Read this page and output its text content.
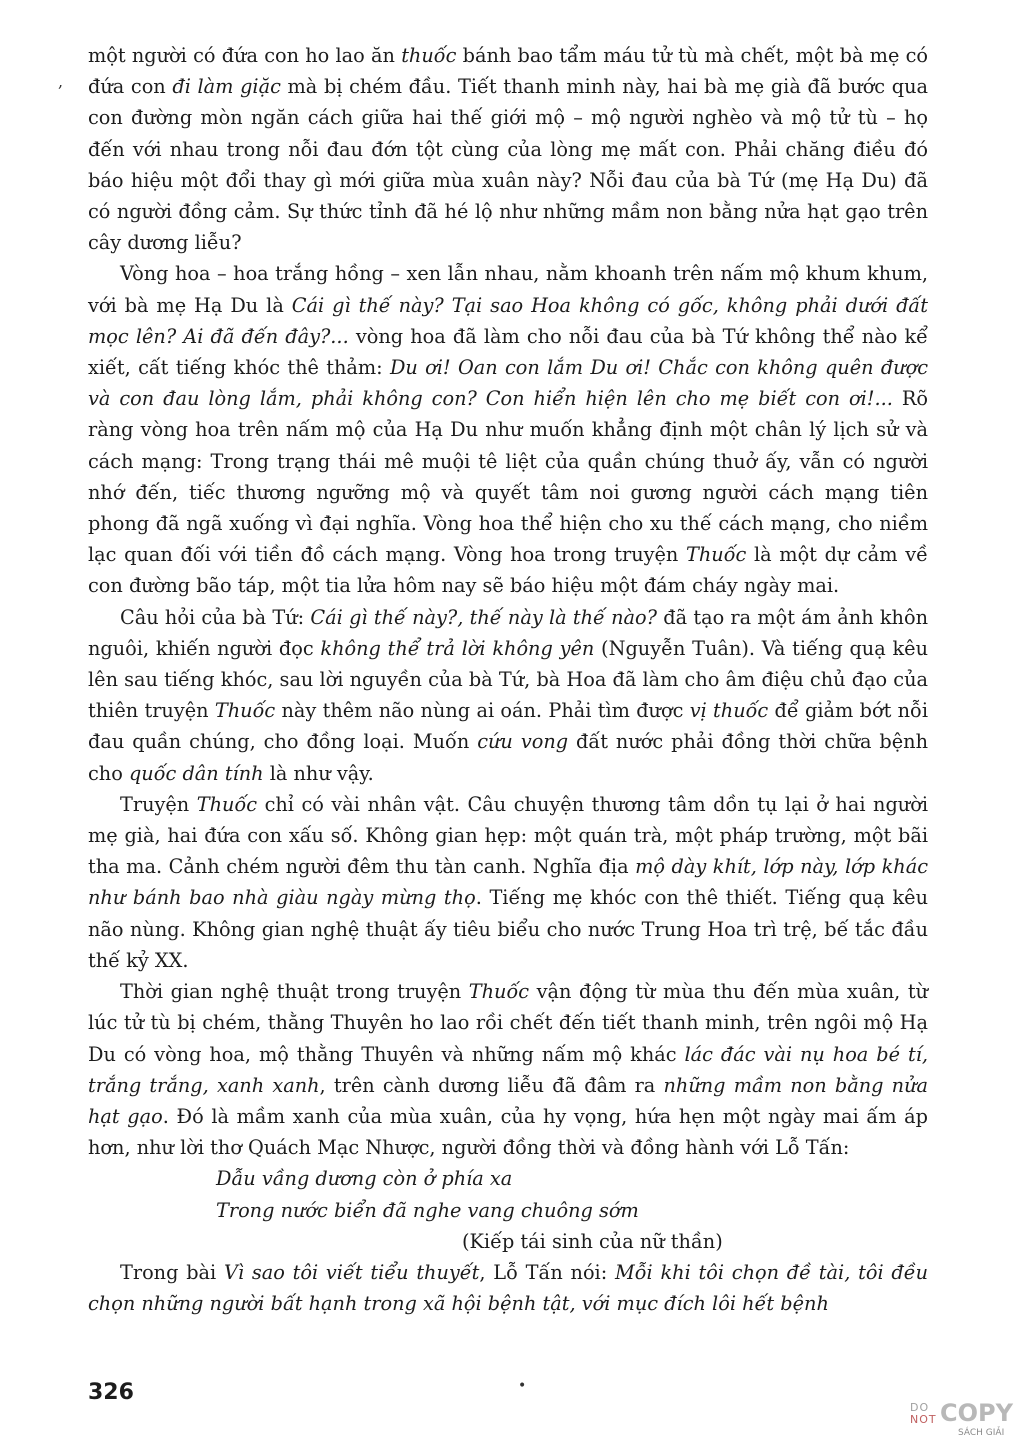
,

một người có đứa con ho lao ăn thuốc bánh bao tẩm máu tử tù mà chết, một bà mẹ có đứa con đi làm giặc mà bị chém đầu. Tiết thanh minh này, hai bà mẹ già đã bước qua con đường mòn ngăn cách giữa hai thế giới mộ – mộ người nghèo và mộ tử tù – họ đến với nhau trong nỗi đau đớn tột cùng của lòng mẹ mất con. Phải chăng điều đó báo hiệu một đổi thay gì mới giữa mùa xuân này? Nỗi đau của bà Tứ (mẹ Hạ Du) đã có người đồng cảm. Sự thức tỉnh đã hé lộ như những mầm non bằng nửa hạt gạo trên cây dương liễu?

Vòng hoa – hoa trắng hồng – xen lẫn nhau, nằm khoanh trên nấm mộ khum khum, với bà mẹ Hạ Du là Cái gì thế này? Tại sao Hoa không có gốc, không phải dưới đất mọc lên? Ai đã đến đây?... vòng hoa đã làm cho nỗi đau của bà Tứ không thể nào kể xiết, cất tiếng khóc thê thảm: Du ơi! Oan con lắm Du ơi! Chắc con không quên được và con đau lòng lắm, phải không con? Con hiển hiện lên cho mẹ biết con ơi!... Rõ ràng vòng hoa trên nấm mộ của Hạ Du như muốn khẳng định một chân lý lịch sử và cách mạng: Trong trạng thái mê muội tê liệt của quần chúng thuở ấy, vẫn có người nhớ đến, tiếc thương ngưỡng mộ và quyết tâm noi gương người cách mạng tiên phong đã ngã xuống vì đại nghĩa. Vòng hoa thể hiện cho xu thế cách mạng, cho niềm lạc quan đối với tiền đồ cách mạng. Vòng hoa trong truyện Thuốc là một dự cảm về con đường bão táp, một tia lửa hôm nay sẽ báo hiệu một đám cháy ngày mai.

Câu hỏi của bà Tứ: Cái gì thế này?, thế này là thế nào? đã tạo ra một ám ảnh khôn nguôi, khiến người đọc không thể trả lời không yên (Nguyễn Tuân). Và tiếng quạ kêu lên sau tiếng khóc, sau lời nguyền của bà Tứ, bà Hoa đã làm cho âm điệu chủ đạo của thiên truyện Thuốc này thêm não nùng ai oán. Phải tìm được vị thuốc để giảm bớt nỗi đau quần chúng, cho đồng loại. Muốn cứu vong đất nước phải đồng thời chữa bệnh cho quốc dân tính là như vậy.

Truyện Thuốc chỉ có vài nhân vật. Câu chuyện thương tâm dồn tụ lại ở hai người mẹ già, hai đứa con xấu số. Không gian hẹp: một quán trà, một pháp trường, một bãi tha ma. Cảnh chém người đêm thu tàn canh. Nghĩa địa mộ dày khít, lớp này, lớp khác như bánh bao nhà giàu ngày mừng thọ. Tiếng mẹ khóc con thê thiết. Tiếng quạ kêu não nùng. Không gian nghệ thuật ấy tiêu biểu cho nước Trung Hoa trì trệ, bế tắc đầu thế kỷ XX.

Thời gian nghệ thuật trong truyện Thuốc vận động từ mùa thu đến mùa xuân, từ lúc tử tù bị chém, thằng Thuyên ho lao rồi chết đến tiết thanh minh, trên ngôi mộ Hạ Du có vòng hoa, mộ thằng Thuyên và những nấm mộ khác lác đác vài nụ hoa bé tí, trắng trắng, xanh xanh, trên cành dương liễu đã đâm ra những mầm non bằng nửa hạt gạo. Đó là mầm xanh của mùa xuân, của hy vọng, hứa hẹn một ngày mai ấm áp hơn, như lời thơ Quách Mạc Nhược, người đồng thời và đồng hành với Lỗ Tấn:

Dẫu vầng dương còn ở phía xa

Trong nước biển đã nghe vang chuông sớm

(Kiếp tái sinh của nữ thần)

Trong bài Vì sao tôi viết tiểu thuyết, Lỗ Tấn nói: Mỗi khi tôi chọn đề tài, tôi đều chọn những người bất hạnh trong xã hội bệnh tật, với mục đích lôi hết bệnh

326	•
DO
NOT COPY
SÁCH GIẢI
